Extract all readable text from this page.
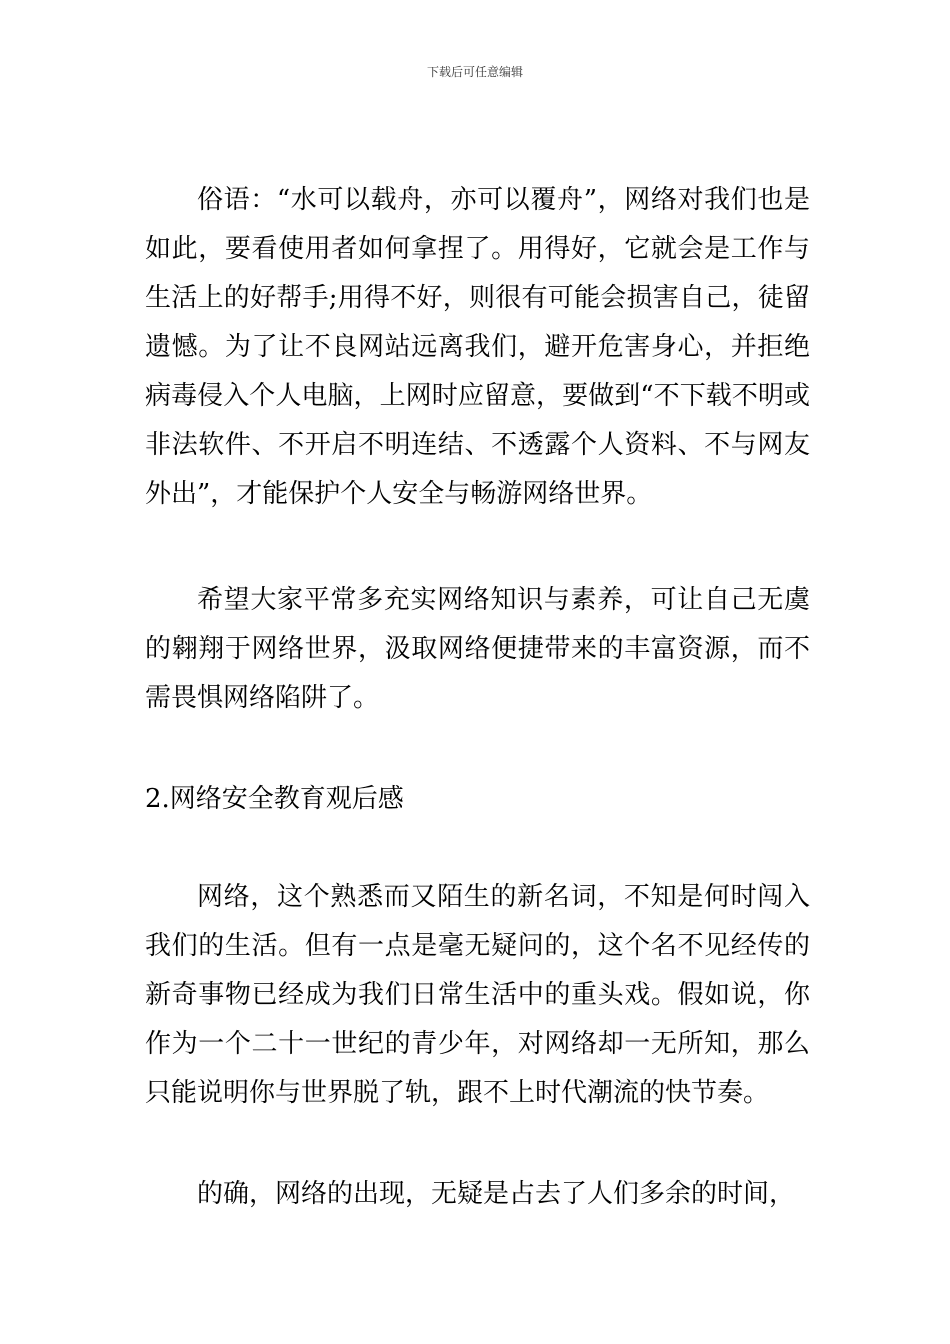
下载后可任意编辑

俗语：“水可以载舟，亦可以覆舟”，网络对我们也是如此，要看使用者如何拿捏了。用得好，它就会是工作与生活上的好帮手;用得不好，则很有可能会损害自己，徒留遗憾。为了让不良网站远离我们，避开危害身心，并拒绝病毒侵入个人电脑，上网时应留意，要做到“不下载不明或非法软件、不开启不明连结、不透露个人资料、不与网友外出”，才能保护个人安全与畅游网络世界。

希望大家平常多充实网络知识与素养，可让自己无虞的翱翔于网络世界，汲取网络便捷带来的丰富资源，而不需畏惧网络陷阱了。

2.网络安全教育观后感

网络，这个熟悉而又陌生的新名词，不知是何时闯入我们的生活。但有一点是毫无疑问的，这个名不见经传的新奇事物已经成为我们日常生活中的重头戏。假如说，你作为一个二十一世纪的青少年，对网络却一无所知，那么只能说明你与世界脱了轨，跟不上时代潮流的快节奏。

的确，网络的出现，无疑是占去了人们多余的时间，
